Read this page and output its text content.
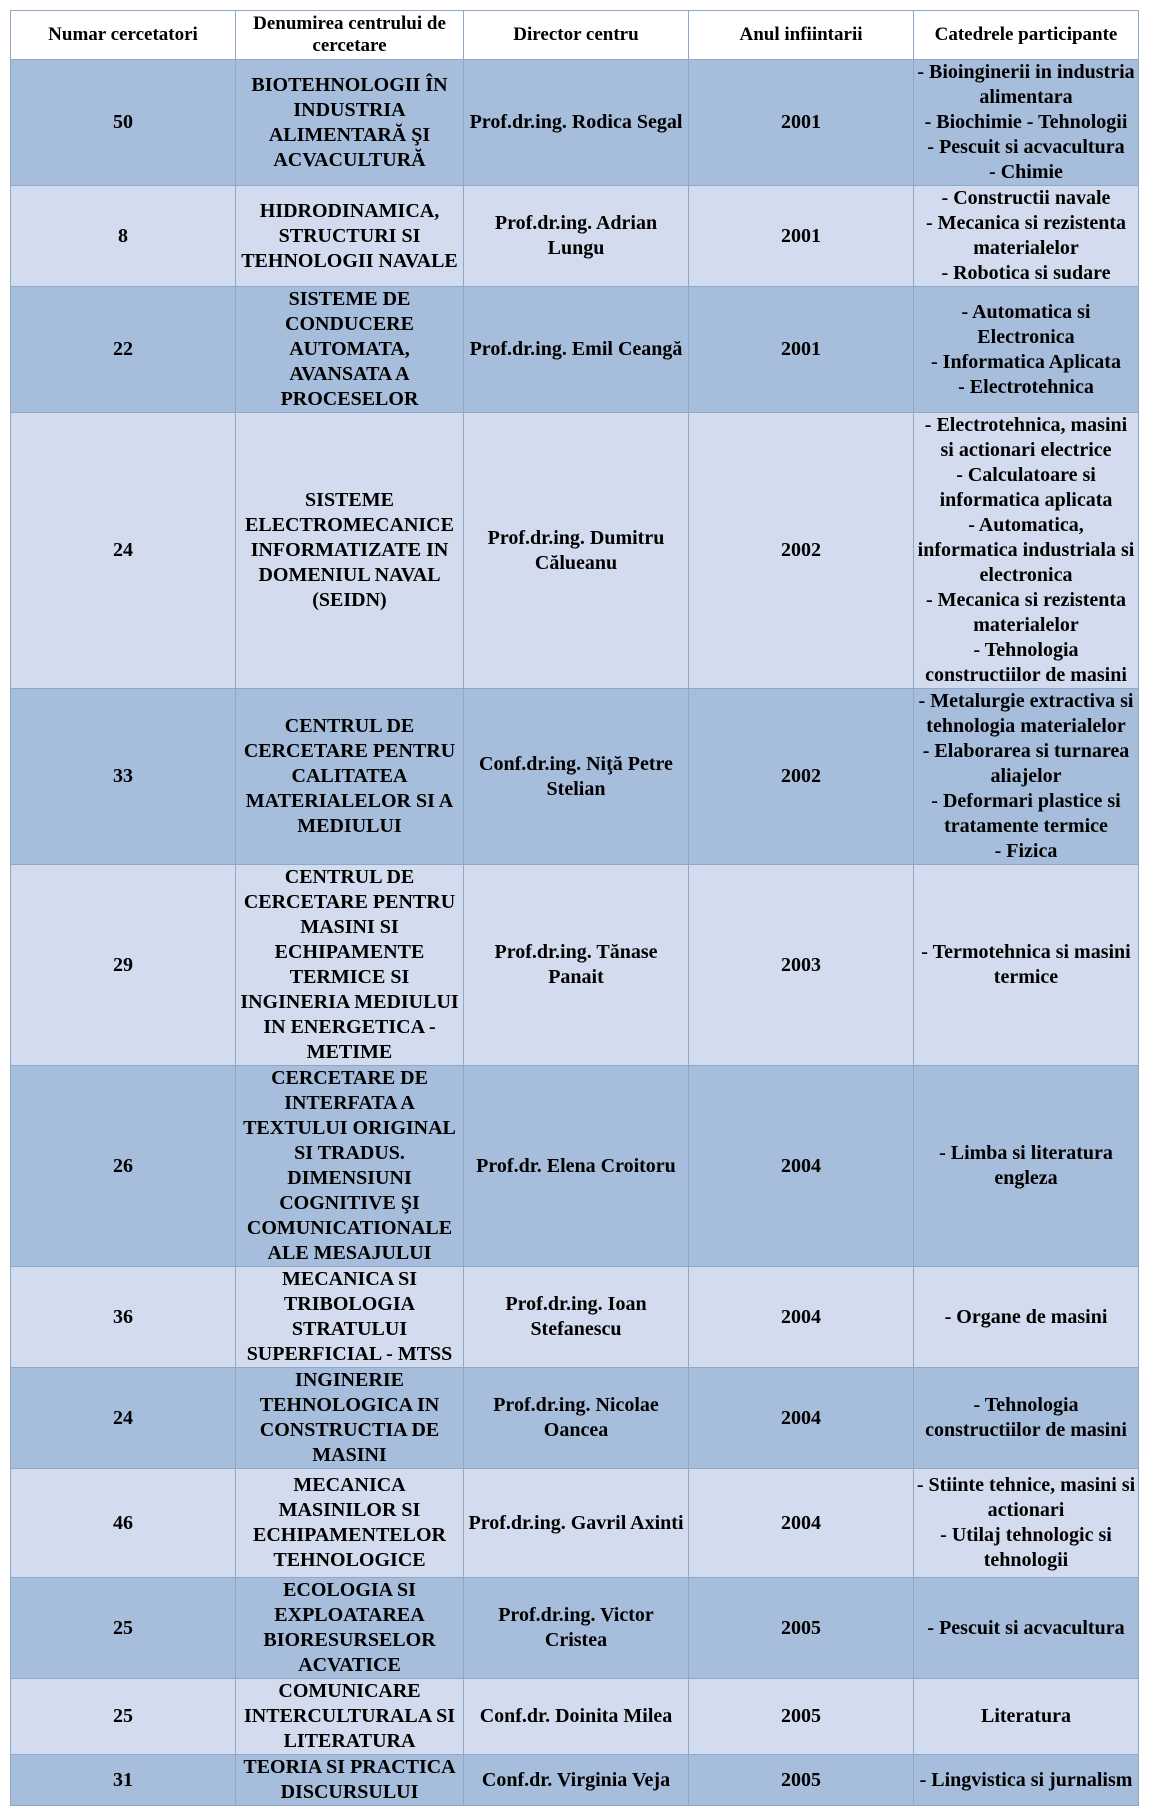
Numar cercetatori	Denumirea centrului de cercetare	Director centru	Anul infiintarii	Catedrele participante
50	BIOTEHNOLOGII ÎN INDUSTRIA ALIMENTARĂ ŞI ACVACULTURĂ	Prof.dr.ing. Rodica Segal	2001	- Bioinginerii in industria alimentara
- Biochimie - Tehnologii
- Pescuit si acvacultura
- Chimie

8	HIDRODINAMICA, STRUCTURI SI TEHNOLOGII NAVALE	Prof.dr.ing. Adrian Lungu	2001	- Constructii navale
- Mecanica si rezistenta materialelor
- Robotica si sudare

22	SISTEME DE CONDUCERE AUTOMATA, AVANSATA A PROCESELOR	Prof.dr.ing. Emil Ceangă	2001	- Automatica si Electronica
- Informatica Aplicata
- Electrotehnica

24	SISTEME ELECTROMECANICE INFORMATIZATE IN DOMENIUL NAVAL (SEIDN)	Prof.dr.ing. Dumitru Călueanu	2002	- Electrotehnica, masini si actionari electrice
- Calculatoare si informatica aplicata
- Automatica, informatica industriala si electronica
- Mecanica si rezistenta materialelor
- Tehnologia constructiilor de masini

33	CENTRUL DE CERCETARE PENTRU CALITATEA MATERIALELOR SI A MEDIULUI	Conf.dr.ing. Niţă Petre Stelian	2002	- Metalurgie extractiva si tehnologia materialelor
- Elaborarea si turnarea aliajelor
- Deformari plastice si tratamente termice
- Fizica

29	CENTRUL DE CERCETARE PENTRU MASINI SI ECHIPAMENTE TERMICE SI INGINERIA MEDIULUI IN ENERGETICA - METIME	Prof.dr.ing. Tănase Panait	2003	- Termotehnica si masini termice

26	CERCETARE DE INTERFATA A TEXTULUI ORIGINAL SI TRADUS. DIMENSIUNI COGNITIVE ŞI COMUNICATIONALE ALE MESAJULUI	Prof.dr. Elena Croitoru	2004	- Limba si literatura engleza

36	MECANICA SI TRIBOLOGIA STRATULUI SUPERFICIAL - MTSS	Prof.dr.ing. Ioan Stefanescu	2004	- Organe de masini

24	INGINERIE TEHNOLOGICA IN CONSTRUCTIA DE MASINI	Prof.dr.ing. Nicolae Oancea	2004	- Tehnologia constructiilor de masini

46	MECANICA MASINILOR SI ECHIPAMENTELOR TEHNOLOGICE	Prof.dr.ing. Gavril Axinti	2004	- Stiinte tehnice, masini si actionari
- Utilaj tehnologic si tehnologii

25	ECOLOGIA SI EXPLOATAREA BIORESURSELOR ACVATICE	Prof.dr.ing. Victor Cristea	2005	- Pescuit si acvacultura

25	COMUNICARE INTERCULTURALA SI LITERATURA	Conf.dr. Doinita Milea	2005	Literatura

31	TEORIA SI PRACTICA DISCURSULUI	Conf.dr. Virginia Veja	2005	- Lingvistica si jurnalism
